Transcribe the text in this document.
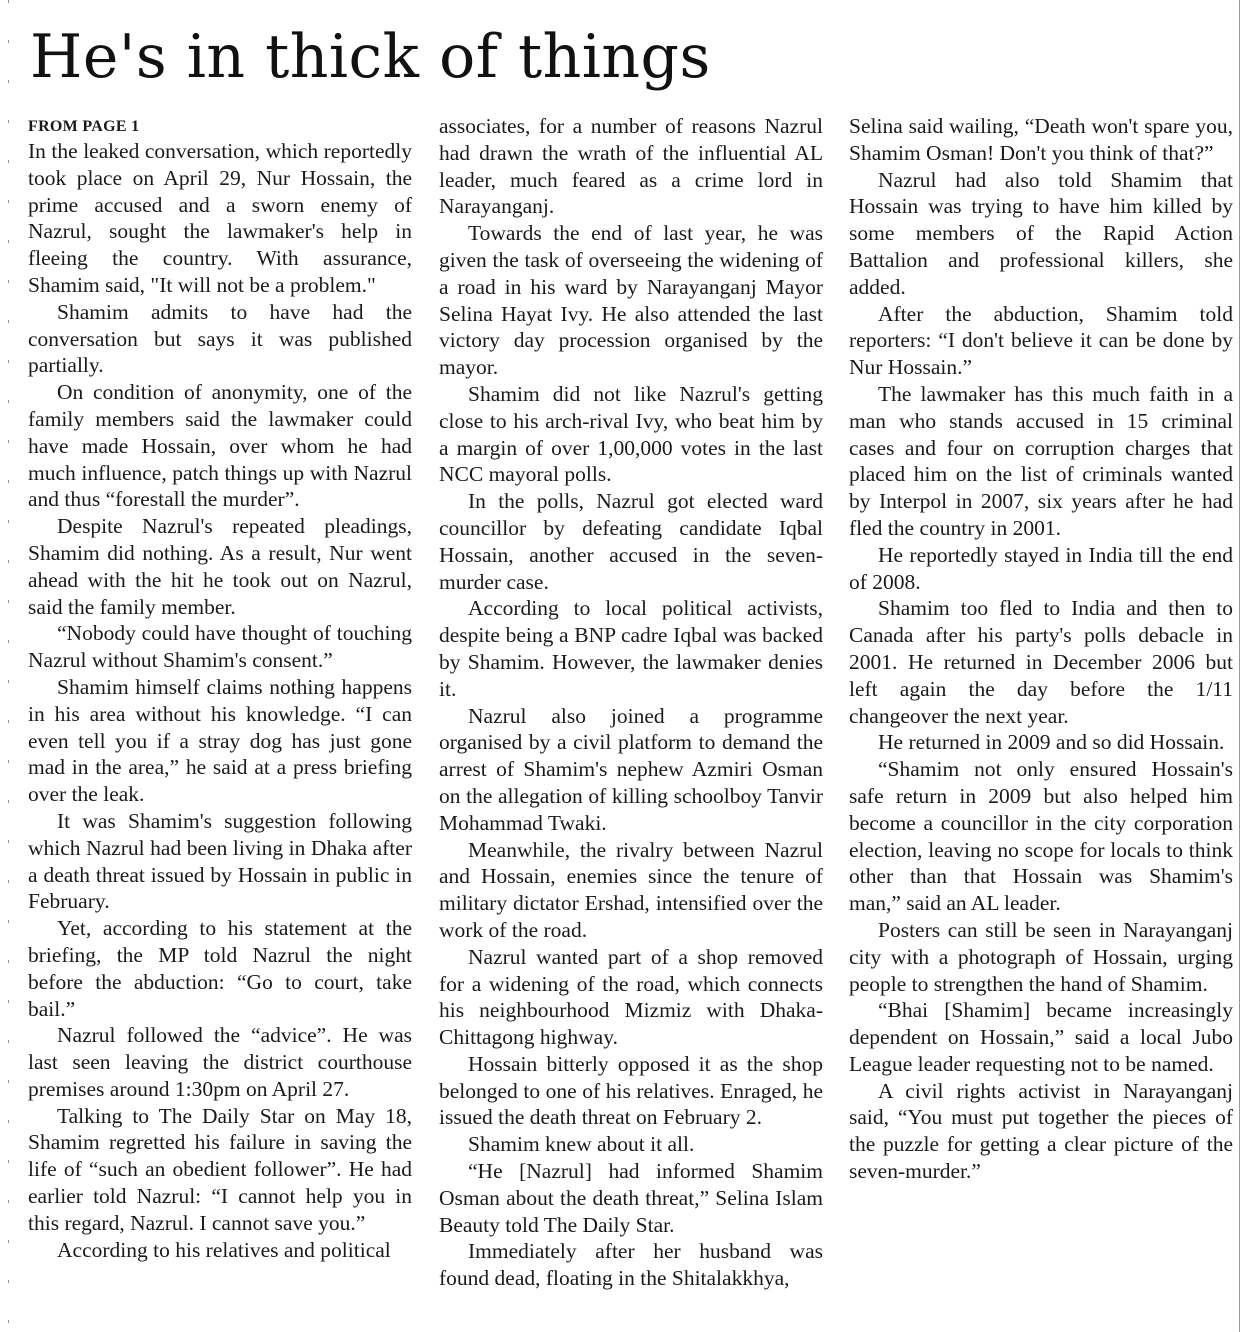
He's in thick of things
FROM PAGE 1

In the leaked conversation, which reportedly took place on April 29, Nur Hossain, the prime accused and a sworn enemy of Nazrul, sought the lawmaker's help in fleeing the country. With assurance, Shamim said, "It will not be a problem."

Shamim admits to have had the conversation but says it was published partially.

On condition of anonymity, one of the family members said the lawmaker could have made Hossain, over whom he had much influence, patch things up with Nazrul and thus “forestall the murder”.

Despite Nazrul's repeated pleadings, Shamim did nothing. As a result, Nur went ahead with the hit he took out on Nazrul, said the family member.

“Nobody could have thought of touching Nazrul without Shamim's consent.”

Shamim himself claims nothing happens in his area without his knowledge. “I can even tell you if a stray dog has just gone mad in the area,” he said at a press briefing over the leak.

It was Shamim's suggestion following which Nazrul had been living in Dhaka after a death threat issued by Hossain in public in February.

Yet, according to his statement at the briefing, the MP told Nazrul the night before the abduction: “Go to court, take bail.”

Nazrul followed the “advice”. He was last seen leaving the district courthouse premises around 1:30pm on April 27.

Talking to The Daily Star on May 18, Shamim regretted his failure in saving the life of “such an obedient follower”. He had earlier told Nazrul: “I cannot help you in this regard, Nazrul. I cannot save you.”

According to his relatives and political

associates, for a number of reasons Nazrul had drawn the wrath of the influential AL leader, much feared as a crime lord in Narayanganj.

Towards the end of last year, he was given the task of overseeing the widening of a road in his ward by Narayanganj Mayor Selina Hayat Ivy. He also attended the last victory day procession organised by the mayor.

Shamim did not like Nazrul's getting close to his arch-rival Ivy, who beat him by a margin of over 1,00,000 votes in the last NCC mayoral polls.

In the polls, Nazrul got elected ward councillor by defeating candidate Iqbal Hossain, another accused in the seven-murder case.

According to local political activists, despite being a BNP cadre Iqbal was backed by Shamim. However, the lawmaker denies it.

Nazrul also joined a programme organised by a civil platform to demand the arrest of Shamim's nephew Azmiri Osman on the allegation of killing schoolboy Tanvir Mohammad Twaki.

Meanwhile, the rivalry between Nazrul and Hossain, enemies since the tenure of military dictator Ershad, intensified over the work of the road.

Nazrul wanted part of a shop removed for a widening of the road, which connects his neighbourhood Mizmiz with Dhaka-Chittagong highway.

Hossain bitterly opposed it as the shop belonged to one of his relatives. Enraged, he issued the death threat on February 2.

Shamim knew about it all.

“He [Nazrul] had informed Shamim Osman about the death threat,” Selina Islam Beauty told The Daily Star.

Immediately after her husband was found dead, floating in the Shitalakkhya,

Selina said wailing, “Death won't spare you, Shamim Osman! Don't you think of that?”

Nazrul had also told Shamim that Hossain was trying to have him killed by some members of the Rapid Action Battalion and professional killers, she added.

After the abduction, Shamim told reporters: “I don't believe it can be done by Nur Hossain.”

The lawmaker has this much faith in a man who stands accused in 15 criminal cases and four on corruption charges that placed him on the list of criminals wanted by Interpol in 2007, six years after he had fled the country in 2001.

He reportedly stayed in India till the end of 2008.

Shamim too fled to India and then to Canada after his party's polls debacle in 2001. He returned in December 2006 but left again the day before the 1/11 changeover the next year.

He returned in 2009 and so did Hossain.

“Shamim not only ensured Hossain's safe return in 2009 but also helped him become a councillor in the city corporation election, leaving no scope for locals to think other than that Hossain was Shamim's man,” said an AL leader.

Posters can still be seen in Narayanganj city with a photograph of Hossain, urging people to strengthen the hand of Shamim.

“Bhai [Shamim] became increasingly dependent on Hossain,” said a local Jubo League leader requesting not to be named.

A civil rights activist in Narayanganj said, “You must put together the pieces of the puzzle for getting a clear picture of the seven-murder.”
